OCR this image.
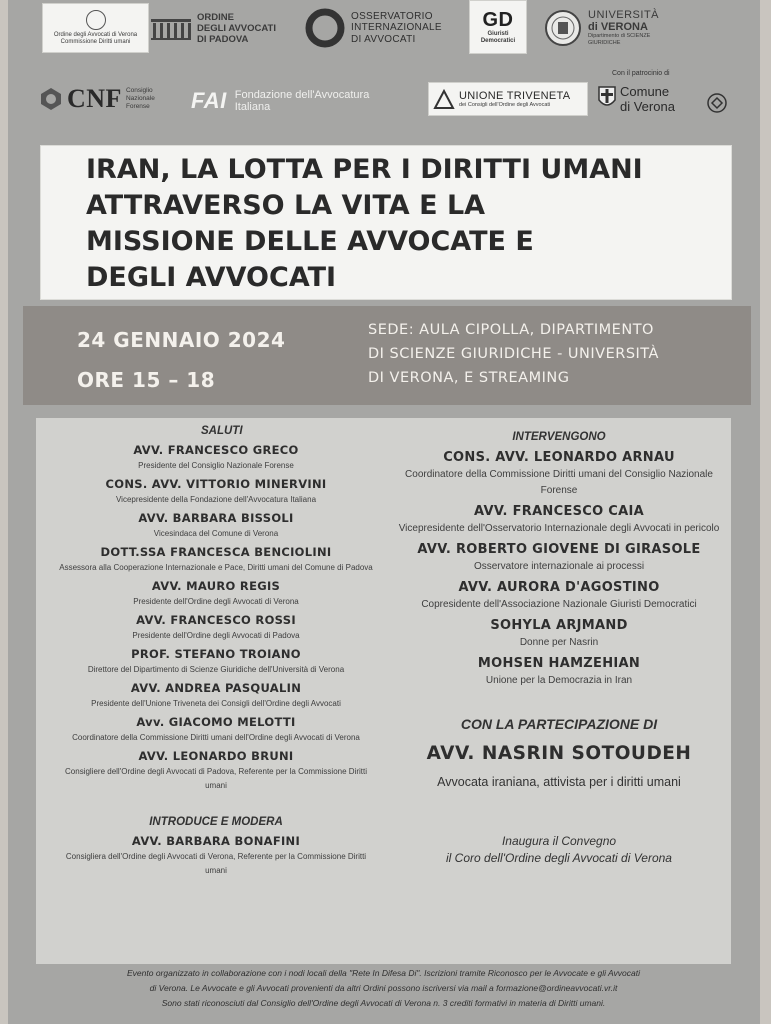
Ordine degli Avvocati di Verona Commissione Diritti umani
ORDINE
DEGLI AVVOCATI
DI PADOVA
OSSERVATORIO
INTERNAZIONALE
DI AVVOCATI
GD
Giuristi Democratici
UNIVERSITÀ
di VERONA
Dipartimento di SCIENZE GIURIDICHE
CNF Consiglio Nazionale Forense	FAI Fondazione dell'Avvocatura Italiana
UNIONE TRIVENETA
dei Consigli dell'Ordine degli Avvocati
Con il patrocinio di
Comune
di Verona
IRAN, LA LOTTA PER I DIRITTI UMANI
ATTRAVERSO LA VITA E LA
MISSIONE DELLE AVVOCATE E
DEGLI AVVOCATI
24 GENNAIO 2024
ORE 15 – 18
SEDE: AULA CIPOLLA, DIPARTIMENTO
DI SCIENZE GIURIDICHE - UNIVERSITÀ
DI VERONA, E STREAMING
SALUTI
AVV. FRANCESCO GRECO
Presidente del Consiglio Nazionale Forense
CONS. AVV. VITTORIO MINERVINI
Vicepresidente della Fondazione dell'Avvocatura Italiana
AVV. BARBARA BISSOLI
Vicesindaca del Comune di Verona
DOTT.SSA FRANCESCA BENCIOLINI
Assessora alla Cooperazione Internazionale e Pace, Diritti umani del Comune di Padova
AVV. MAURO REGIS
Presidente dell'Ordine degli Avvocati di Verona
AVV. FRANCESCO ROSSI
Presidente dell'Ordine degli Avvocati di Padova
PROF. STEFANO TROIANO
Direttore del Dipartimento di Scienze Giuridiche dell'Università di Verona
AVV. ANDREA PASQUALIN
Presidente dell'Unione Triveneta dei Consigli dell'Ordine degli Avvocati
Avv. GIACOMO MELOTTI
Coordinatore della Commissione Diritti umani dell'Ordine degli Avvocati di Verona
AVV. LEONARDO BRUNI
Consigliere dell'Ordine degli Avvocati di Padova, Referente per la Commissione Diritti umani
INTRODUCE E MODERA
AVV. BARBARA BONAFINI
Consigliera dell'Ordine degli Avvocati di Verona, Referente per la Commissione Diritti umani
INTERVENGONO
CONS. AVV. LEONARDO ARNAU
Coordinatore della Commissione Diritti umani del Consiglio Nazionale Forense
AVV. FRANCESCO CAIA
Vicepresidente dell'Osservatorio Internazionale degli Avvocati in pericolo
AVV. ROBERTO GIOVENE DI GIRASOLE
Osservatore internazionale ai processi
AVV. AURORA D'AGOSTINO
Copresidente dell'Associazione Nazionale Giuristi Democratici
SOHYLA ARJMAND
Donne per Nasrin
MOHSEN HAMZEHIAN
Unione per la Democrazia in Iran
CON LA PARTECIPAZIONE DI
AVV. NASRIN SOTOUDEH
Avvocata iraniana, attivista per i diritti umani
Inaugura il Convegno
il Coro dell'Ordine degli Avvocati di Verona
Evento organizzato in collaborazione con i nodi locali della "Rete In Difesa Di". Iscrizioni tramite Riconosco per le Avvocate e gli Avvocati
di Verona. Le Avvocate e gli Avvocati provenienti da altri Ordini possono iscriversi via mail a formazione@ordineavvocati.vr.it
Sono stati riconosciuti dal Consiglio dell'Ordine degli Avvocati di Verona n. 3 crediti formativi in materia di Diritti umani.
